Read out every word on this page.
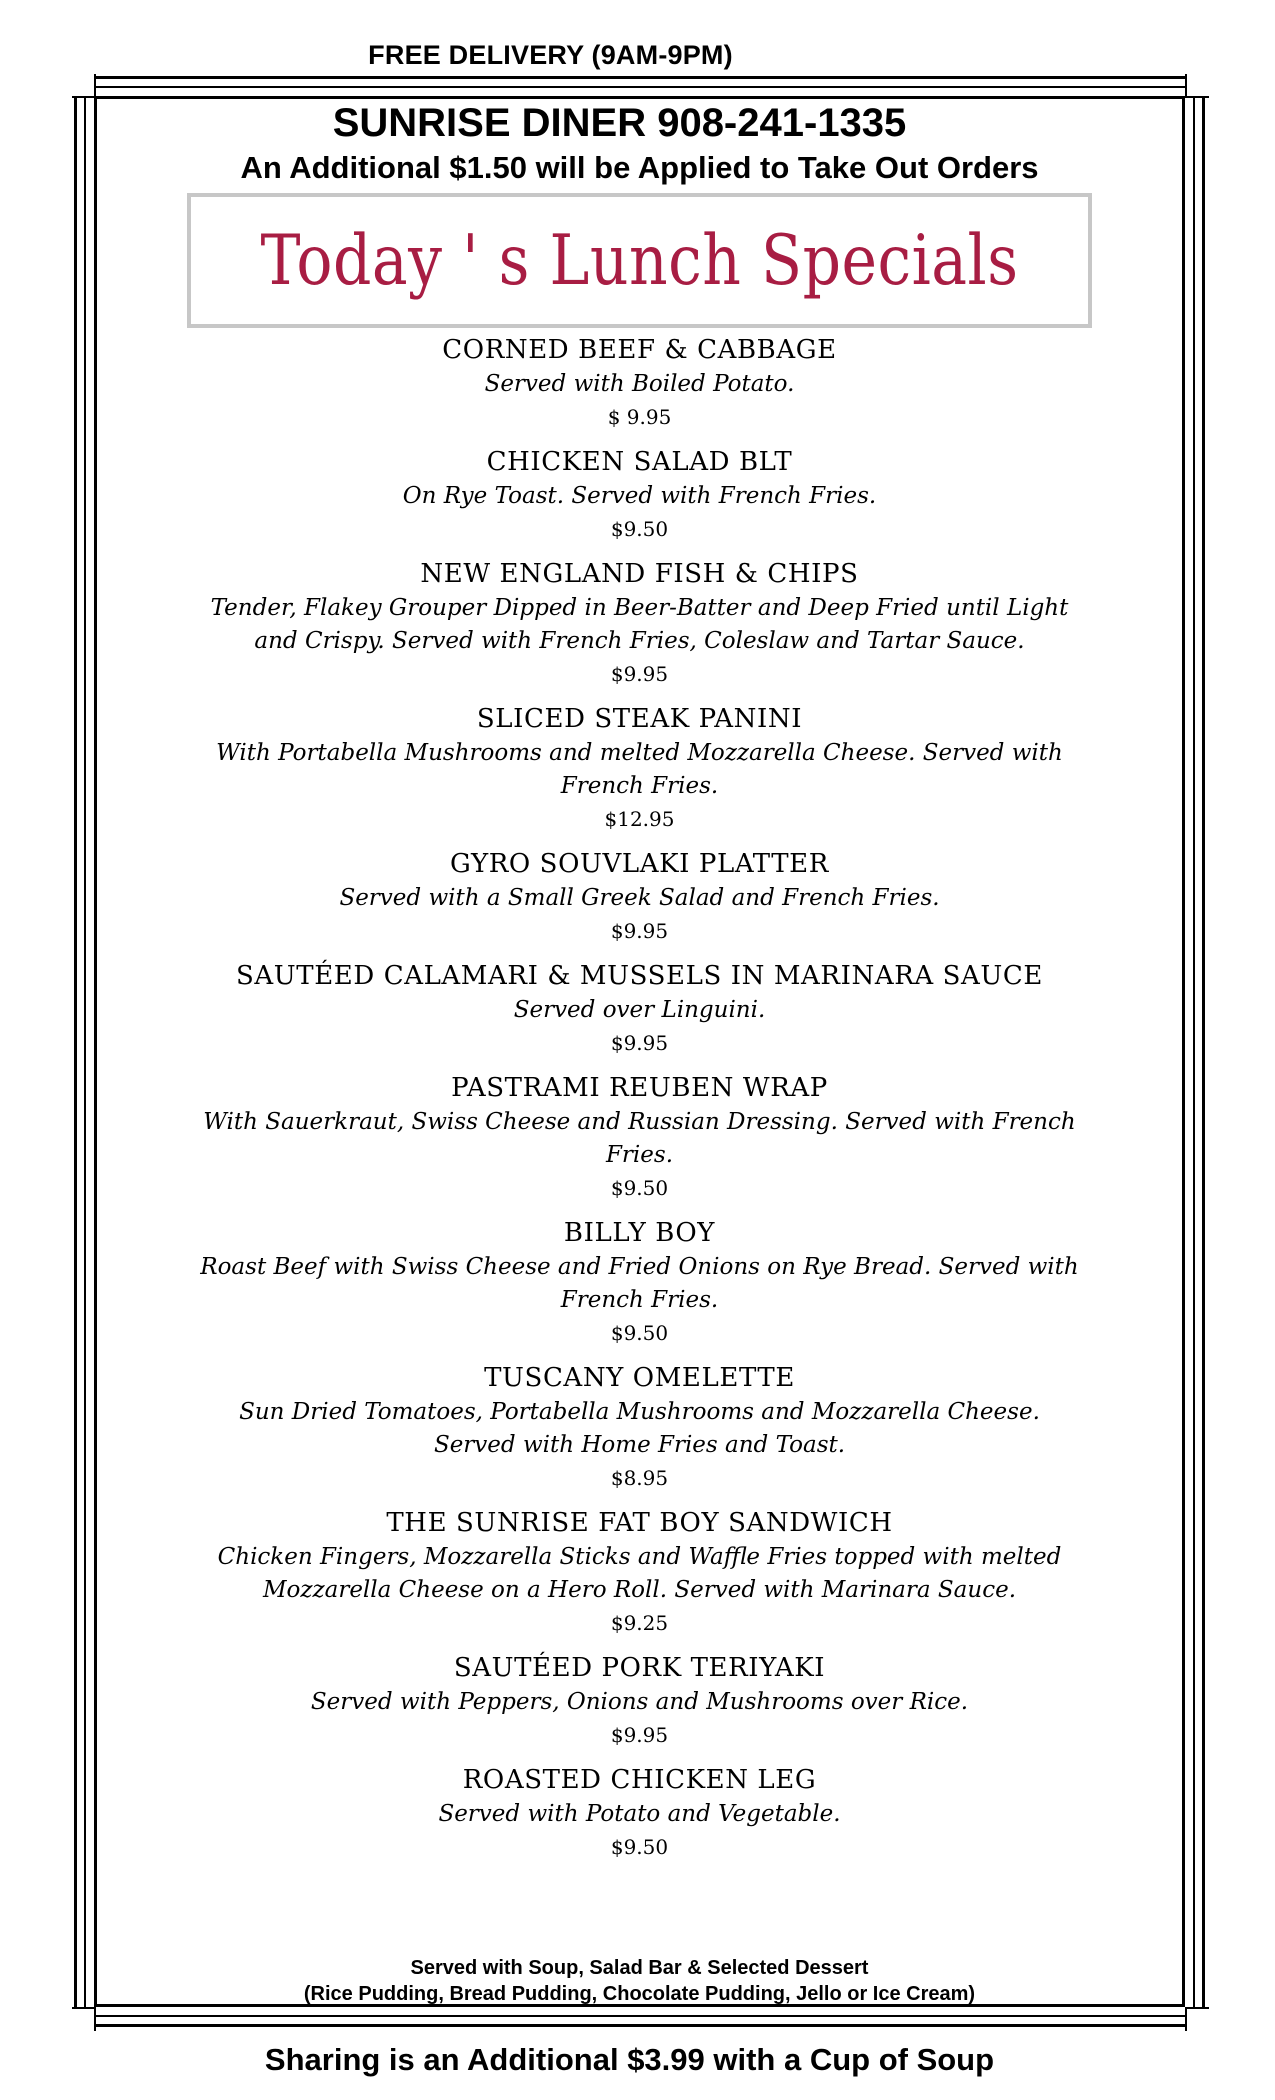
FREE DELIVERY (9AM-9PM)
SUNRISE DINER 908-241-1335
An Additional $1.50 will be Applied to Take Out Orders
Today ' s Lunch Specials
CORNED BEEF & CABBAGE
Served with Boiled Potato.
$ 9.95
CHICKEN SALAD BLT
On Rye Toast. Served with French Fries.
$9.50
NEW ENGLAND FISH & CHIPS
Tender, Flakey Grouper Dipped in Beer-Batter and Deep Fried until Light and Crispy. Served with French Fries, Coleslaw and Tartar Sauce.
$9.95
SLICED STEAK PANINI
With Portabella Mushrooms and melted Mozzarella Cheese. Served with French Fries.
$12.95
GYRO SOUVLAKI PLATTER
Served with a Small Greek Salad and French Fries.
$9.95
SAUTÉED CALAMARI & MUSSELS IN MARINARA SAUCE
Served over Linguini.
$9.95
PASTRAMI REUBEN WRAP
With Sauerkraut, Swiss Cheese and Russian Dressing. Served with French Fries.
$9.50
BILLY BOY
Roast Beef with Swiss Cheese and Fried Onions on Rye Bread. Served with French Fries.
$9.50
TUSCANY OMELETTE
Sun Dried Tomatoes, Portabella Mushrooms and Mozzarella Cheese. Served with Home Fries and Toast.
$8.95
THE SUNRISE FAT BOY SANDWICH
Chicken Fingers, Mozzarella Sticks and Waffle Fries topped with melted Mozzarella Cheese on a Hero Roll. Served with Marinara Sauce.
$9.25
SAUTÉED PORK TERIYAKI
Served with Peppers, Onions and Mushrooms over Rice.
$9.95
ROASTED CHICKEN LEG
Served with Potato and Vegetable.
$9.50
Served with Soup, Salad Bar & Selected Dessert
(Rice Pudding, Bread Pudding, Chocolate Pudding, Jello or Ice Cream)
Sharing is an Additional $3.99 with a Cup of Soup
